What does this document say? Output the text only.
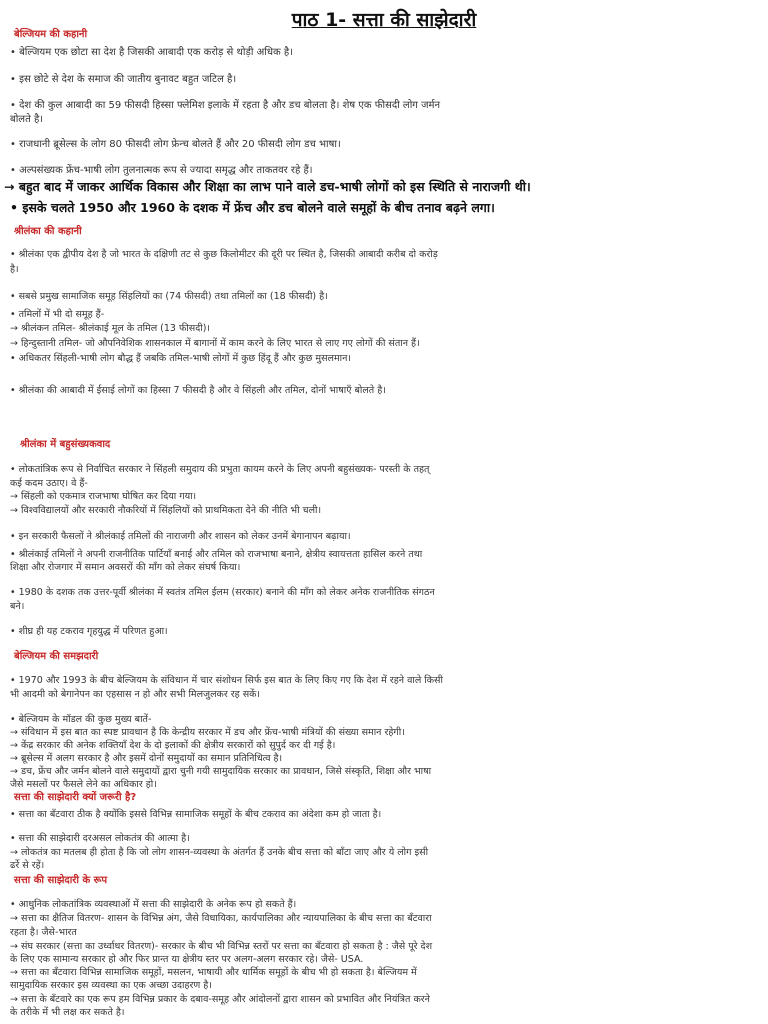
पाठ 1- सत्ता की साझेदारी
बेल्जियम की कहानी
• बेल्जियम एक छोटा सा देश है जिसकी आबादी एक करोड़ से थोड़ी अधिक है।
• इस छोटे से देश के समाज की जातीय बुनावट बहुत जटिल है।
• देश की कुल आबादी का 59 फीसदी हिस्सा फ्लेमिश इलाके में रहता है और डच बोलता है। शेष एक फीसदी लोग जर्मन
बोलते है।
• राजधानी ब्रूसेल्स के लोग 80 फीसदी लोग फ्रेन्च बोलते हैं और 20 फीसदी लोग डच भाषा।
• अल्पसंख्यक फ्रेंच-भाषी लोग तुलनात्मक रूप से ज्यादा समृद्ध और ताकतवर रहे हैं।
→ बहुत बाद में जाकर आर्थिक विकास और शिक्षा का लाभ पाने वाले डच-भाषी लोगों को इस स्थिति से नाराजगी थी।
• इसके चलते 1950 और 1960 के दशक में फ्रेंच और डच बोलने वाले समूहों के बीच तनाव बढ़ने लगा।
श्रीलंका की कहानी
• श्रीलंका एक द्वीपीय देश है जो भारत के दक्षिणी तट से कुछ किलोमीटर की दूरी पर स्थित है, जिसकी आबादी करीब दो करोड़
है।
• सबसे प्रमुख सामाजिक समूह सिंहलियों का (74 फीसदी) तथा तमिलों का (18 फीसदी) है।
• तमिलों में भी दो समूह हैं-
→ श्रीलंकन तमिल- श्रीलंकाई मूल के तमिल (13 फीसदी)।
→ हिन्दुस्तानी तमिल- जो औपनिवेशिक शासनकाल में बागानों में काम करने के लिए भारत से लाए गए लोगों की संतान हैं।
• अधिकतर सिंहली-भाषी लोग बौद्ध हैं जबकि तमिल-भाषी लोगों में कुछ हिंदू हैं और कुछ मुसलमान।
• श्रीलंका की आबादी में ईसाई लोगों का हिस्सा 7 फीसदी है और वे सिंहली और तमिल, दोनों भाषाएँ बोलते है।
श्रीलंका में बहुसंख्यकवाद
• लोकतांत्रिक रूप से निर्वाचित सरकार ने सिंहली समुदाय की प्रभुता कायम करने के लिए अपनी बहुसंख्यक- परस्ती के तहत्
कई कदम उठाए। वे हैं-
→ सिंहली को एकमात्र राजभाषा घोषित कर दिया गया।
→ विश्वविद्यालयों और सरकारी नौकरियों में सिंहलियों को प्राथमिकता देने की नीति भी चली।
• इन सरकारी फैसलों ने श्रीलंकाई तमिलों की नाराजगी और शासन को लेकर उनमें बेगानापन बढ़ाया।
• श्रीलंकाई तमिलों ने अपनी राजनीतिक पार्टियाँ बनाई और तमिल को राजभाषा बनाने, क्षेत्रीय स्वायत्तता हासिल करने तथा
शिक्षा और रोजगार में समान अवसरों की माँग को लेकर संघर्ष किया।
• 1980 के दशक तक उत्तर-पूर्वी श्रीलंका में स्वतंत्र तमिल ईलम (सरकार) बनाने की माँग को लेकर अनेक राजनीतिक संगठन
बने।
• शीघ्र ही यह टकराव गृहयुद्ध में परिणत हुआ।
बेल्जियम की समझदारी
• 1970 और 1993 के बीच बेल्जियम के संविधान में चार संशोधन सिर्फ इस बात के लिए किए गए कि देश में रहने वाले किसी
भी आदमी को बेगानेपन का एहसास न हो और सभी मिलजुलकर रह सकें।
• बेल्जियम के मॉडल की कुछ मुख्य बातें-
→ संविधान में इस बात का स्पष्ट प्रावधान है कि केन्द्रीय सरकार में डच और फ्रेंच-भाषी मंत्रियों की संख्या समान रहेगी।
→ केंद्र सरकार की अनेक शक्तियाँ देश के दो इलाकों की क्षेत्रीय सरकारों को सुपुर्द कर दी गई है।
→ ब्रूसेल्स में अलग सरकार है और इसमें दोनों समुदायों का समान प्रतिनिधित्व है।
→ डच, फ्रेंच और जर्मन बोलने वाले समुदायों द्वारा चुनी गयी सामुदायिक सरकार का प्रावधान, जिसे संस्कृति, शिक्षा और भाषा
जैसे मसलों पर फैसले लेने का अधिकार हो।
सत्ता की साझेदारी क्यों जरूरी है?
• सत्ता का बँटवारा ठीक है क्योंकि इससे विभिन्न सामाजिक समूहों के बीच टकराव का अंदेशा कम हो जाता है।
• सत्ता की साझेदारी दरअसल लोकतंत्र की आत्मा है।
→ लोकतंत्र का मतलब ही होता है कि जो लोग शासन-व्यवस्था के अंतर्गत हैं उनके बीच सत्ता को बाँटा जाए और ये लोग इसी
ढर्रे से रहें।
सत्ता की साझेदारी के रूप
• आधुनिक लोकतांत्रिक व्यवस्थाओं में सत्ता की साझेदारी के अनेक रूप हो सकते हैं।
→ सत्ता का क्षैतिज वितरण- शासन के विभिन्न अंग, जैसे विधायिका, कार्यपालिका और न्यायपालिका के बीच सत्ता का बँटवारा
रहता है। जैसे-भारत
→ संघ सरकार (सत्ता का उर्ध्वाधर वितरण)- सरकार के बीच भी विभिन्न स्तरों पर सत्ता का बँटवारा हो सकता है : जैसे पूरे देश
के लिए एक सामान्य सरकार हो और फिर प्रान्त या क्षेत्रीय स्तर पर अलग-अलग सरकार रहे। जैसे- USA.
→ सत्ता का बँटवारा विभिन्न सामाजिक समूहों, मसलन, भाषायी और धार्मिक समूहों के बीच भी हो सकता है। बेल्जियम में
सामुदायिक सरकार इस व्यवस्था का एक अच्छा उदाहरण है।
→ सत्ता के बँटवारे का एक रूप हम विभिन्न प्रकार के दबाव-समूह और आंदोलनों द्वारा शासन को प्रभावित और नियंत्रित करने
के तरीके में भी लक्ष कर सकते है।
